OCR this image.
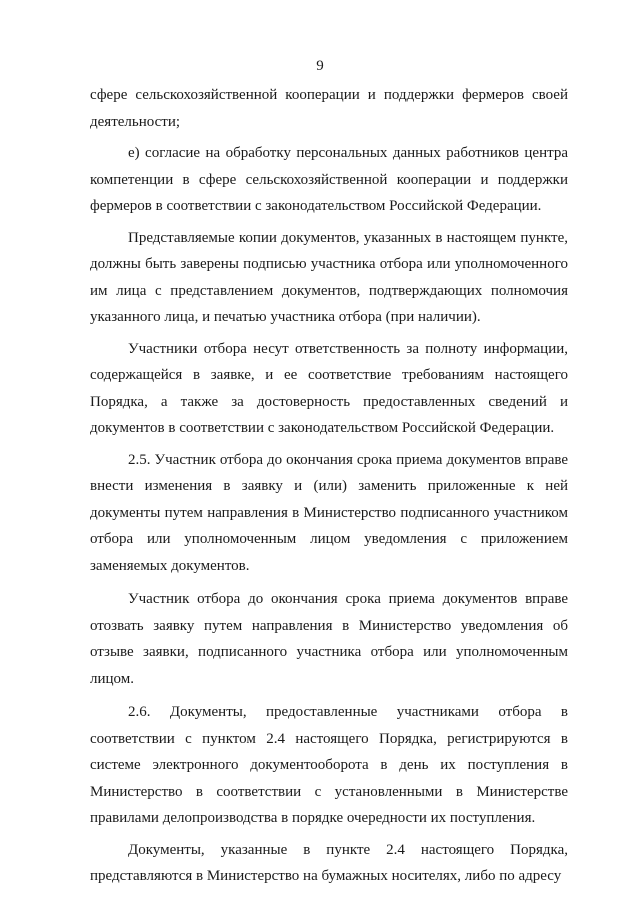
9

сфере сельскохозяйственной кооперации и поддержки фермеров своей деятельности;

е) согласие на обработку персональных данных работников центра компетенции в сфере сельскохозяйственной кооперации и поддержки фермеров в соответствии с законодательством Российской Федерации.

Представляемые копии документов, указанных в настоящем пункте, должны быть заверены подписью участника отбора или уполномоченного им лица с представлением документов, подтверждающих полномочия указанного лица, и печатью участника отбора (при наличии).

Участники отбора несут ответственность за полноту информации, содержащейся в заявке, и ее соответствие требованиям настоящего Порядка, а также за достоверность предоставленных сведений и документов в соответствии с законодательством Российской Федерации.

2.5. Участник отбора до окончания срока приема документов вправе внести изменения в заявку и (или) заменить приложенные к ней документы путем направления в Министерство подписанного участником отбора или уполномоченным лицом уведомления с приложением заменяемых документов.

Участник отбора до окончания срока приема документов вправе отозвать заявку путем направления в Министерство уведомления об отзыве заявки, подписанного участника отбора или уполномоченным лицом.

2.6. Документы, предоставленные участниками отбора в соответствии с пунктом 2.4 настоящего Порядка, регистрируются в системе электронного документооборота в день их поступления в Министерство в соответствии с установленными в Министерстве правилами делопроизводства в порядке очередности их поступления.

Документы, указанные в пункте 2.4 настоящего Порядка, представляются в Министерство на бумажных носителях, либо по адресу
